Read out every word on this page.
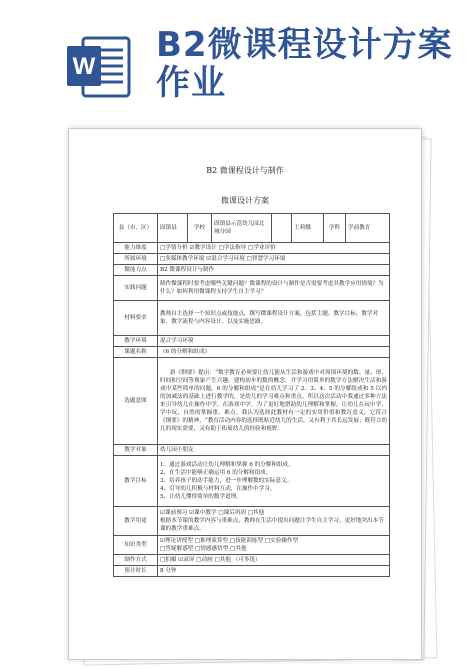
W
B2微课程设计方案作业
B2 微课程设计与制作
微课设计方案
县（市、区）	固镇县	学校	固镇县示范幼儿园北城分园		王莉娜	学科	学前教育
能力维度	□学情分析 ☑教学设计 □学法指导 □学业评价						
所属环境	□多媒体教学环境 ☑混合学习环境 □智慧学习环境						
微能力点	B2 微课程设计与制作						
实践问题	制作微课程时要考虑哪些关键问题？微课程的设计与制作是否需要考虑其教学应用情境？为什么？如何利用微课程支持学生自主学习？						
材料要求	教师自主选择一个知识点或技能点，撰写微课程设计方案，包括主题、教学目标、教学对象、教学流程与内容设计，以及实施思路。						
教学环境	混合学习环境						
课题名称	《6 的分解和组成》						
选题意图	新《纲要》提出：“数学教育必须要让幼儿能从生活和游戏中对周围环境的数、量、形、时间和空间等现象产生兴趣，建构初步的数的概念，并学习用简单的数学方法解决生活和游戏中某些简单的问题。6 的分解和组成”是在幼儿学习了 2、3、4、5 的分解组成和 5 以内的加减法的基础上进行教学的，是幼儿的学习难点和重点。所以这次活动中我通过多种方法来引导幼儿在操作中学，在游戏中学，为了更好地帮助幼儿理解和掌握，让幼儿在玩中学，学中玩，自然的掌握重、难点。我认为选择此教材有一定的实用价值和教育意义，它符合《纲要》的精神，“教育活动内容的选择既贴近幼儿的生活，又有利于其长远发展；既符合幼儿的现实需要，又有助于拓展幼儿的经验和视野。						
教学对象	幼儿园小朋友						
教学目标	1、通过游戏活动让幼儿理解和掌握 6 的分解和组成。
2、在生活中能够正确运用 6 的分解和组成。
3、培养孩子的动手能力，进一步理解数的实际意义。
4、引导幼儿积极与材料互动，在操作中学习。
5、让幼儿懂得简单的数学道理。						

教学用途	☑课前预习 ☑课中教学 □课后巩固 □其他
根据本节课的教学内容与重难点，教师在生活中提出问题让学生自主学习，更好地突出本节课的教学重难点。						

知识类型	☑理论讲授型 □推理演算型 □技能训练型 □实验操作型
□答疑解惑型 □情感感悟型 □其他						

制作方式	□拍摄 ☑录屏 □动画 □其他 （可多选）						
预计时长	8 分钟						
